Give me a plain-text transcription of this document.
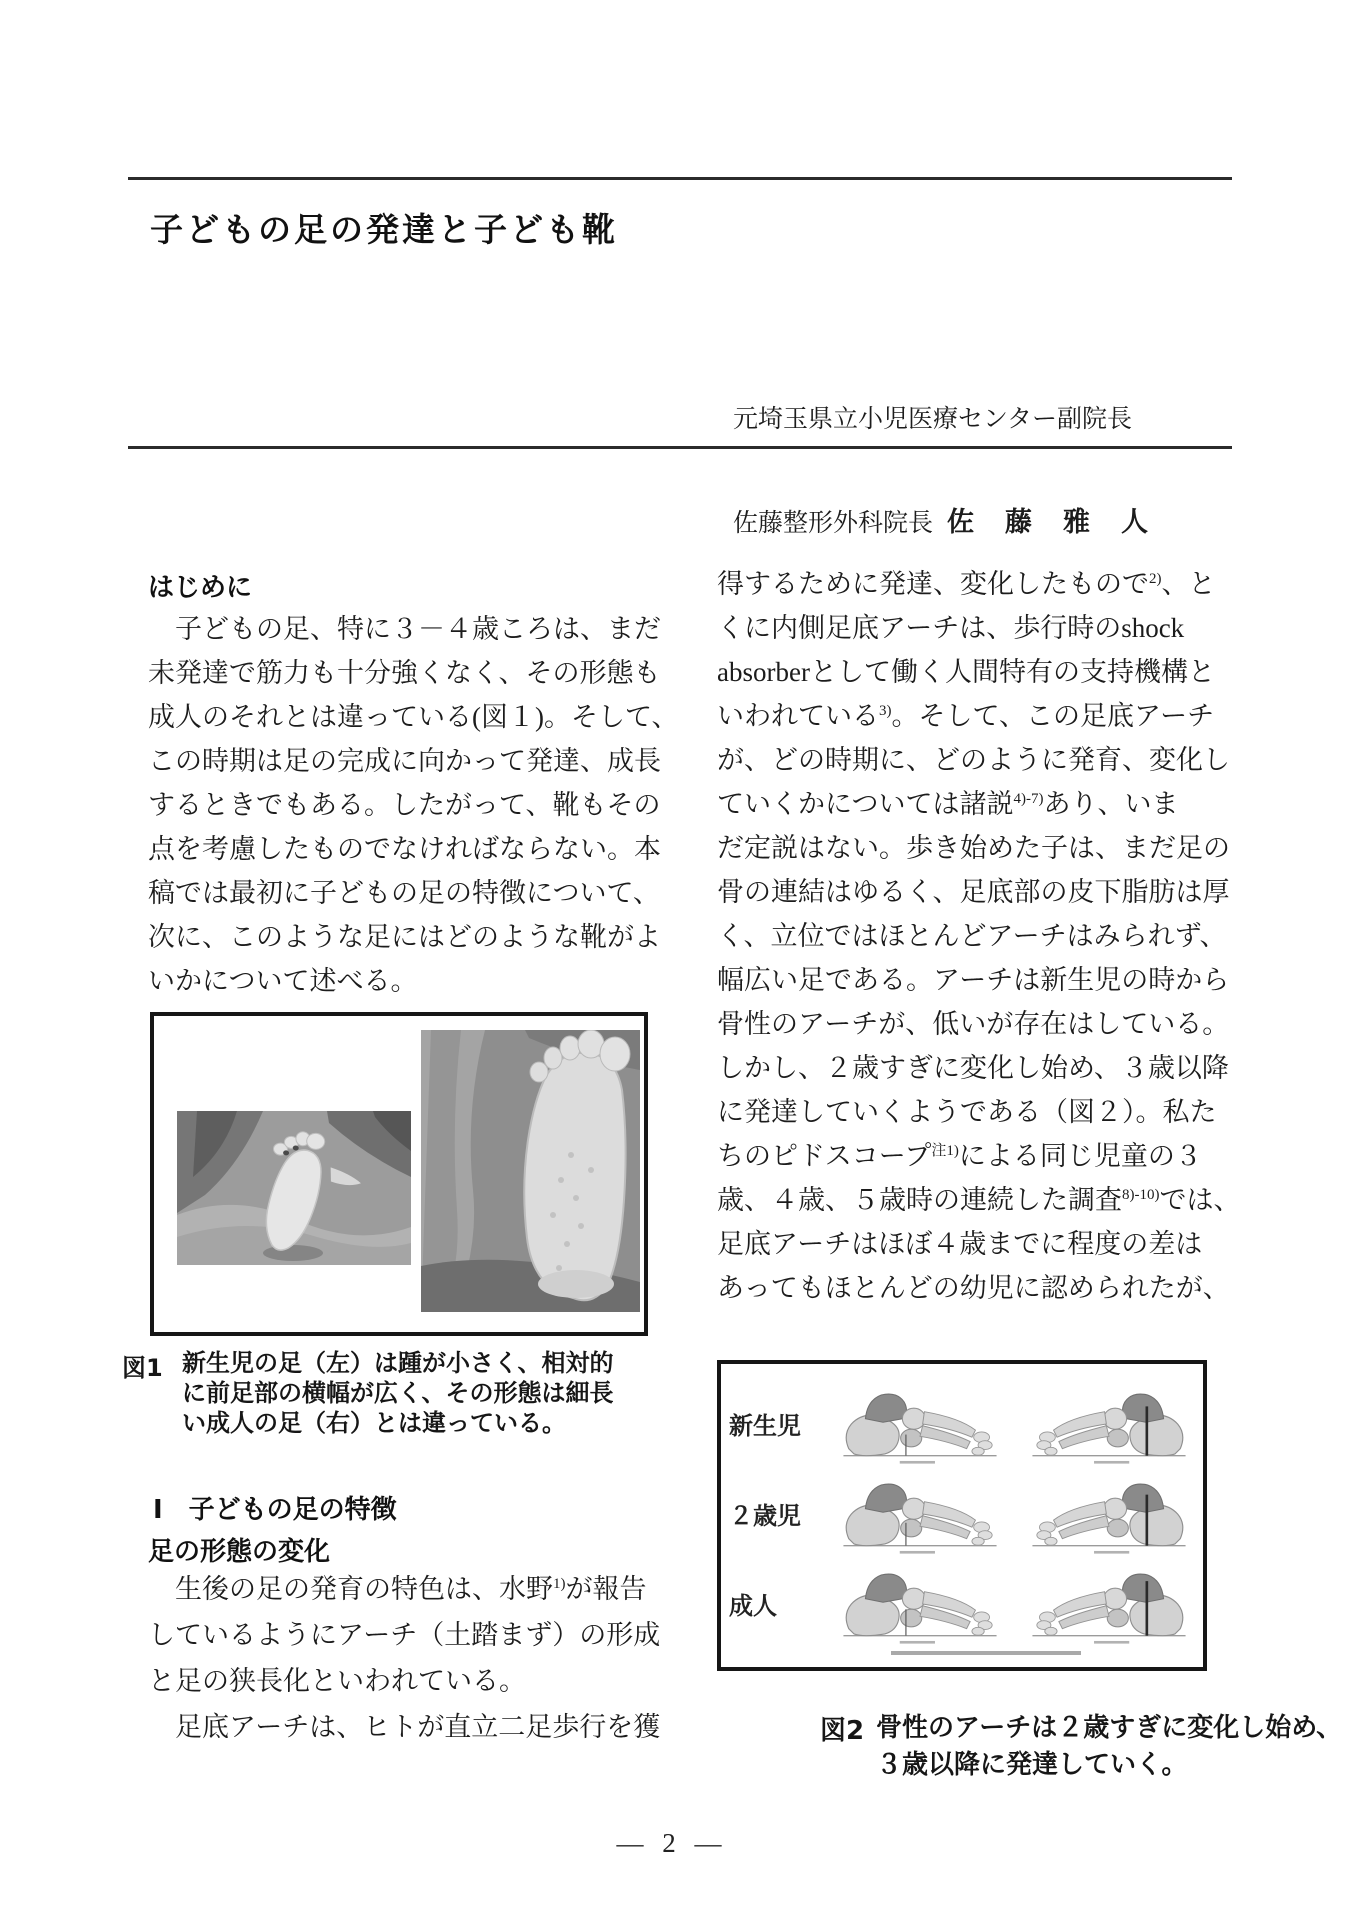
子どもの足の発達と子ども靴

元埼玉県立小児医療センター副院長

佐藤整形外科院長 佐　藤　雅　人

はじめに
　子どもの足、特に３－４歳ころは、まだ
未発達で筋力も十分強くなく、その形態も
成人のそれとは違っている(図１)。そして、
この時期は足の完成に向かって発達、成長
するときでもある。したがって、靴もその
点を考慮したものでなければならない。本
稿では最初に子どもの足の特徴について、
次に、このような足にはどのような靴がよ
いかについて述べる。
図1 新生児の足（左）は踵が小さく、相対的
に前足部の横幅が広く、その形態は細長
い成人の足（右）とは違っている。
Ⅰ　子どもの足の特徴
足の形態の変化
　生後の足の発育の特色は、水野$^{1)}$が報告
しているようにアーチ（土踏まず）の形成
と足の狭長化といわれている。
　足底アーチは、ヒトが直立二足歩行を獲
得するために発達、変化したもので$^{2)}$、と
くに内側足底アーチは、歩行時のshock
absorberとして働く人間特有の支持機構と
いわれている$^{3)}$。そして、この足底アーチ
が、どの時期に、どのように発育、変化し
ていくかについては諸説$^{4)-7)}$あり、いま
だ定説はない。歩き始めた子は、まだ足の
骨の連結はゆるく、足底部の皮下脂肪は厚
く、立位ではほとんどアーチはみられず、
幅広い足である。アーチは新生児の時から
骨性のアーチが、低いが存在はしている。
しかし、２歳すぎに変化し始め、３歳以降
に発達していくようである（図２）。私た
ちのピドスコープ$^{注1)}$による同じ児童の３
歳、４歳、５歳時の連続した調査$^{8)-10)}$では、
足底アーチはほぼ４歳までに程度の差は
あってもほとんどの幼児に認められたが、
新生児
２歳児
成人
図2 骨性のアーチは２歳すぎに変化し始め、
３歳以降に発達していく。
— 2 —
